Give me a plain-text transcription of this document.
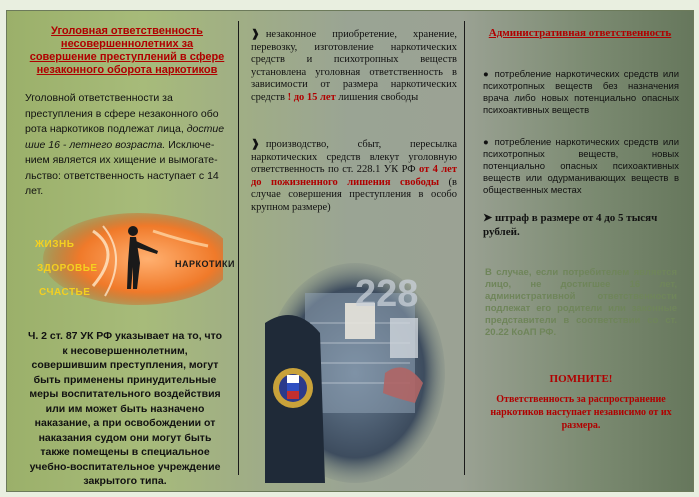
Уголовная ответственность несовершеннолетних за совершение преступлений в сфере незаконного оборота наркотиков
Уголовной ответственности за преступления в сфере незаконного обо рота наркотиков подлежат лица, достие шие 16 - летнего возраста. Исключе-нием является их хищение и вымогате-льство: ответственность наступает с 14 лет.
ЖИЗНЬ
ЗДОРОВЬЕ
СЧАСТЬЕ
НАРКОТИКИ
Ч. 2 ст. 87 УК РФ указывает на то, что к несовершеннолетним, совершившим преступления, могут быть применены принудительные меры воспитательного воздействия или им может быть назначено наказание, а при освобождении от наказания судом они могут быть также помещены в специальное учебно-воспитательное учреждение закрытого типа.
❱ незаконное приобретение, хранение, перевозку, изготовление наркотических средств и психотропных веществ установлена уголовная ответственность в зависимости от размера наркотических средств ! до 15 лет лишения свободы
❱ производство, сбыт, пересылка наркотических средств влекут уголовную ответственность по ст. 228.1 УК РФ от 4 лет до пожизненного лишения свободы (в случае совершения преступления в особо крупном размере)
228
Административная ответственность
● потребление наркотических средств или психотропных веществ без назначения врача либо новых потенциально опасных психоактивных веществ
● потребление наркотических средств или психотропных веществ, новых потенциально опасных психоактивных веществ или одурманивающих веществ в общественных местах
➤ штраф в размере от 4 до 5 тысяч рублей.
В случае, если потребителем является лицо, не достигшее 16 лет, административной ответственности подлежат его родители или законные представители в соответствии со ст. 20.22 КоАП РФ.
ПОМНИТЕ!
Ответственность за распространение наркотиков наступает независимо от их размера.
